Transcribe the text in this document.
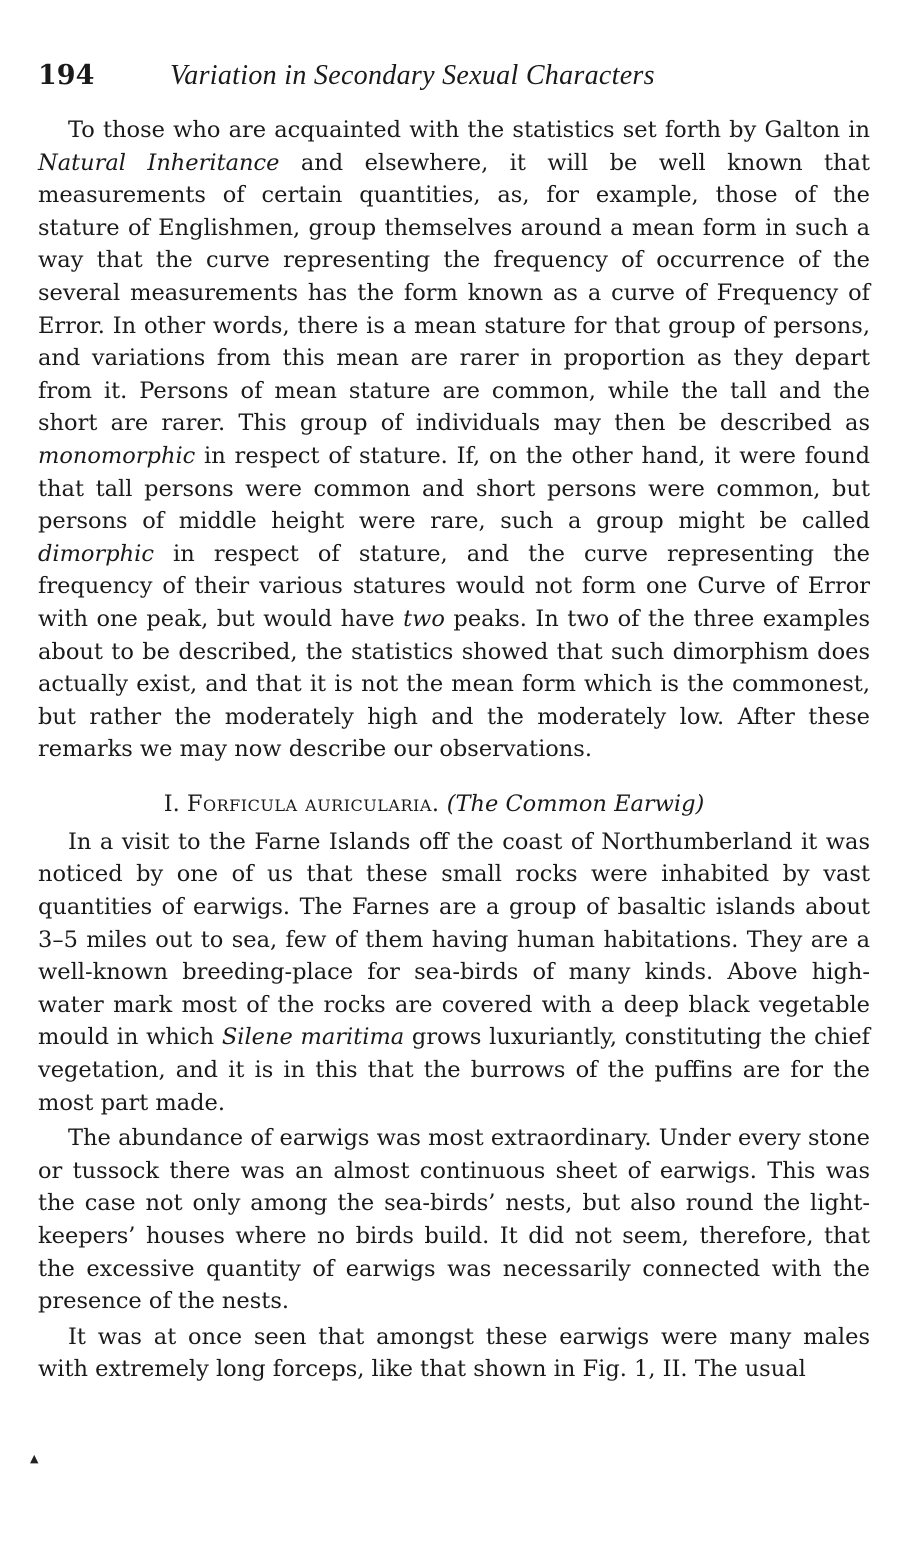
194	Variation in Secondary Sexual Characters

To those who are acquainted with the statistics set forth by Galton in Natural Inheritance and elsewhere, it will be well known that measurements of certain quantities, as, for example, those of the stature of Englishmen, group themselves around a mean form in such a way that the curve representing the frequency of occurrence of the several measurements has the form known as a curve of Frequency of Error. In other words, there is a mean stature for that group of persons, and variations from this mean are rarer in proportion as they depart from it. Persons of mean stature are common, while the tall and the short are rarer. This group of individuals may then be described as monomorphic in respect of stature. If, on the other hand, it were found that tall persons were common and short persons were common, but persons of middle height were rare, such a group might be called dimorphic in respect of stature, and the curve representing the frequency of their various statures would not form one Curve of Error with one peak, but would have two peaks. In two of the three examples about to be described, the statistics showed that such dimorphism does actually exist, and that it is not the mean form which is the commonest, but rather the moderately high and the moderately low. After these remarks we may now describe our observations.

I. Forficula auricularia. (The Common Earwig)

In a visit to the Farne Islands off the coast of Northumberland it was noticed by one of us that these small rocks were inhabited by vast quantities of earwigs. The Farnes are a group of basaltic islands about 3–5 miles out to sea, few of them having human habitations. They are a well-known breeding-place for sea-birds of many kinds. Above high-water mark most of the rocks are covered with a deep black vegetable mould in which Silene maritima grows luxuriantly, constituting the chief vegetation, and it is in this that the burrows of the puffins are for the most part made.

The abundance of earwigs was most extraordinary. Under every stone or tussock there was an almost continuous sheet of earwigs. This was the case not only among the sea-birds’ nests, but also round the light-keepers’ houses where no birds build. It did not seem, therefore, that the excessive quantity of earwigs was necessarily connected with the presence of the nests.

It was at once seen that amongst these earwigs were many males with extremely long forceps, like that shown in Fig. 1, II. The usual

▲
